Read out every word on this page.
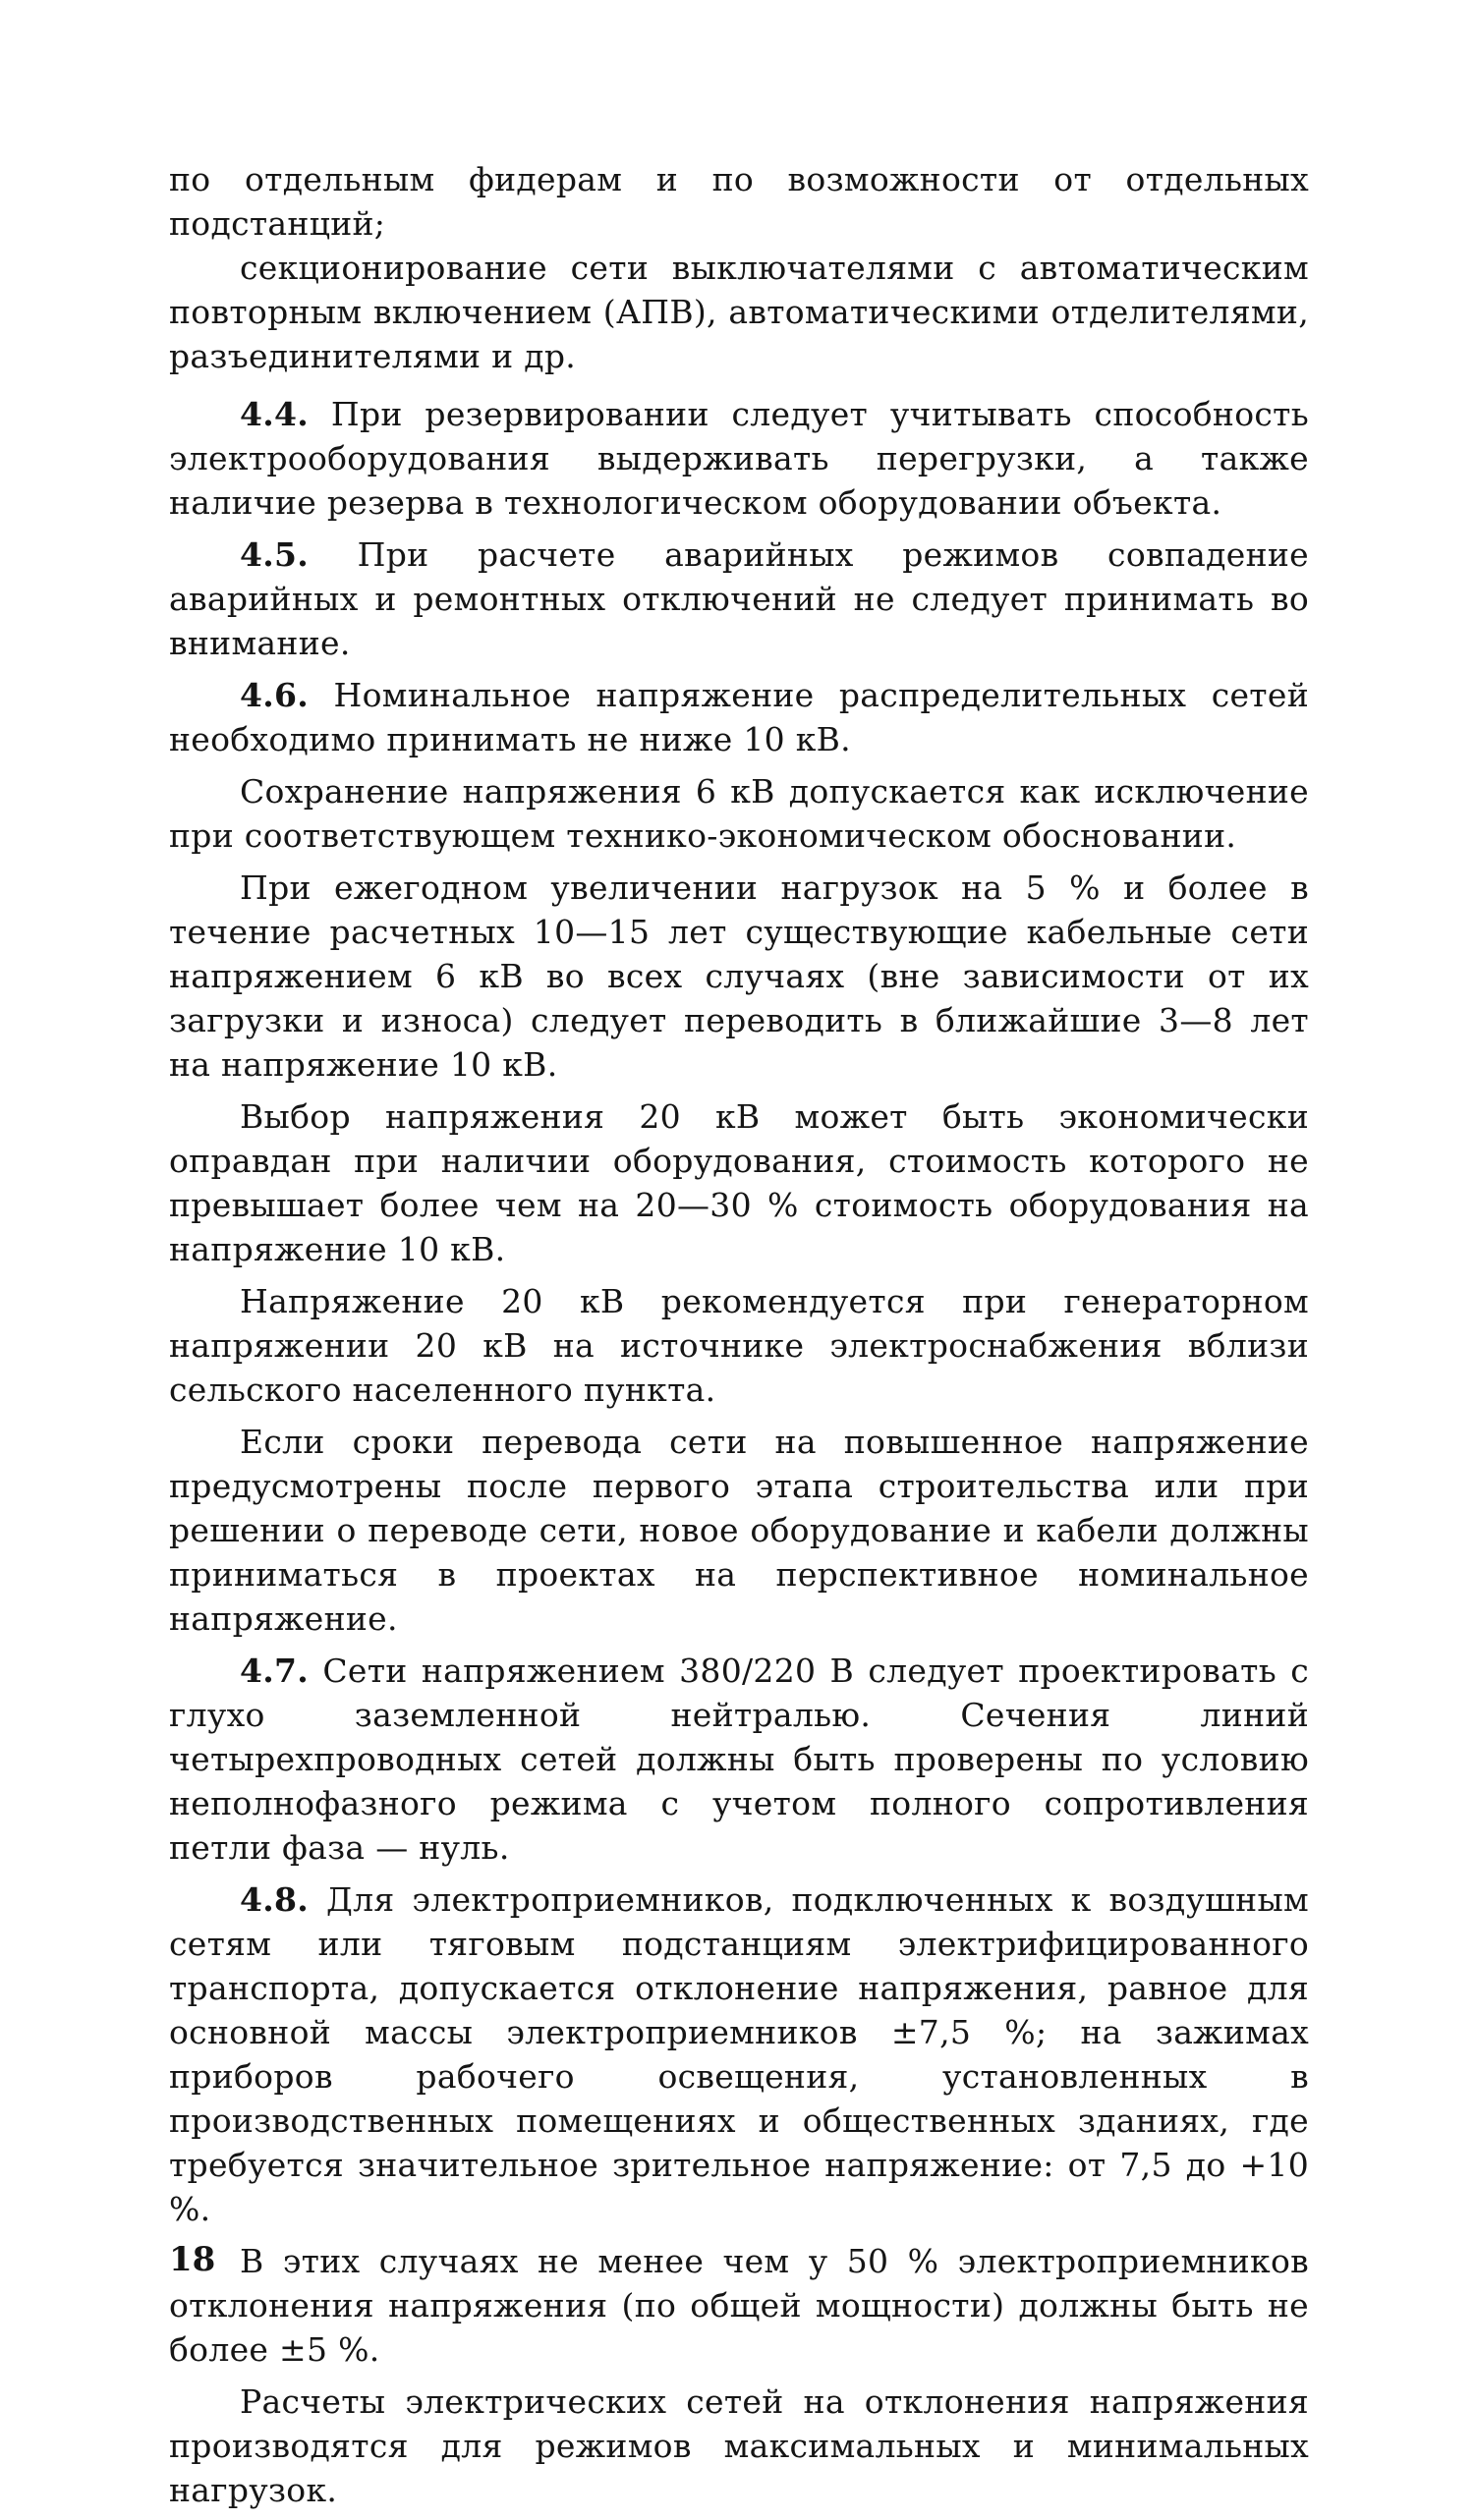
по отдельным фидерам и по возможности от отдельных подстанций;

секционирование сети выключателями с автоматическим повторным включением (АПВ), автоматическими отделителями, разъединителями и др.

4.4. При резервировании следует учитывать способность электрооборудования выдерживать перегрузки, а также наличие резерва в технологическом оборудовании объекта.

4.5. При расчете аварийных режимов совпадение аварийных и ремонтных отключений не следует принимать во внимание.

4.6. Номинальное напряжение распределительных сетей необходимо принимать не ниже 10 кВ.

Сохранение напряжения 6 кВ допускается как исключение при соответствующем технико-экономическом обосновании.

При ежегодном увеличении нагрузок на 5 % и более в течение расчетных 10—15 лет существующие кабельные сети напряжением 6 кВ во всех случаях (вне зависимости от их загрузки и износа) следует переводить в ближайшие 3—8 лет на напряжение 10 кВ.

Выбор напряжения 20 кВ может быть экономически оправдан при наличии оборудования, стоимость которого не превышает более чем на 20—30 % стоимость оборудования на напряжение 10 кВ.

Напряжение 20 кВ рекомендуется при генераторном напряжении 20 кВ на источнике электроснабжения вблизи сельского населенного пункта.

Если сроки перевода сети на повышенное напряжение предусмотрены после первого этапа строительства или при решении о переводе сети, новое оборудование и кабели должны приниматься в проектах на перспективное номинальное напряжение.

4.7. Сети напряжением 380/220 В следует проектировать с глухо заземленной нейтралью. Сечения линий четырехпроводных сетей должны быть проверены по условию неполнофазного режима с учетом полного сопротивления петли фаза — нуль.

4.8. Для электроприемников, подключенных к воздушным сетям или тяговым подстанциям электрифицированного транспорта, допускается отклонение напряжения, равное для основной массы электроприемников ±7,5 %; на зажимах приборов рабочего освещения, установленных в производственных помещениях и общественных зданиях, где требуется значительное зрительное напряжение: от 7,5 до +10 %.

В этих случаях не менее чем у 50 % электроприемников отклонения напряжения (по общей мощности) должны быть не более ±5 %.

Расчеты электрических сетей на отклонения напряжения производятся для режимов максимальных и минимальных нагрузок.

18
